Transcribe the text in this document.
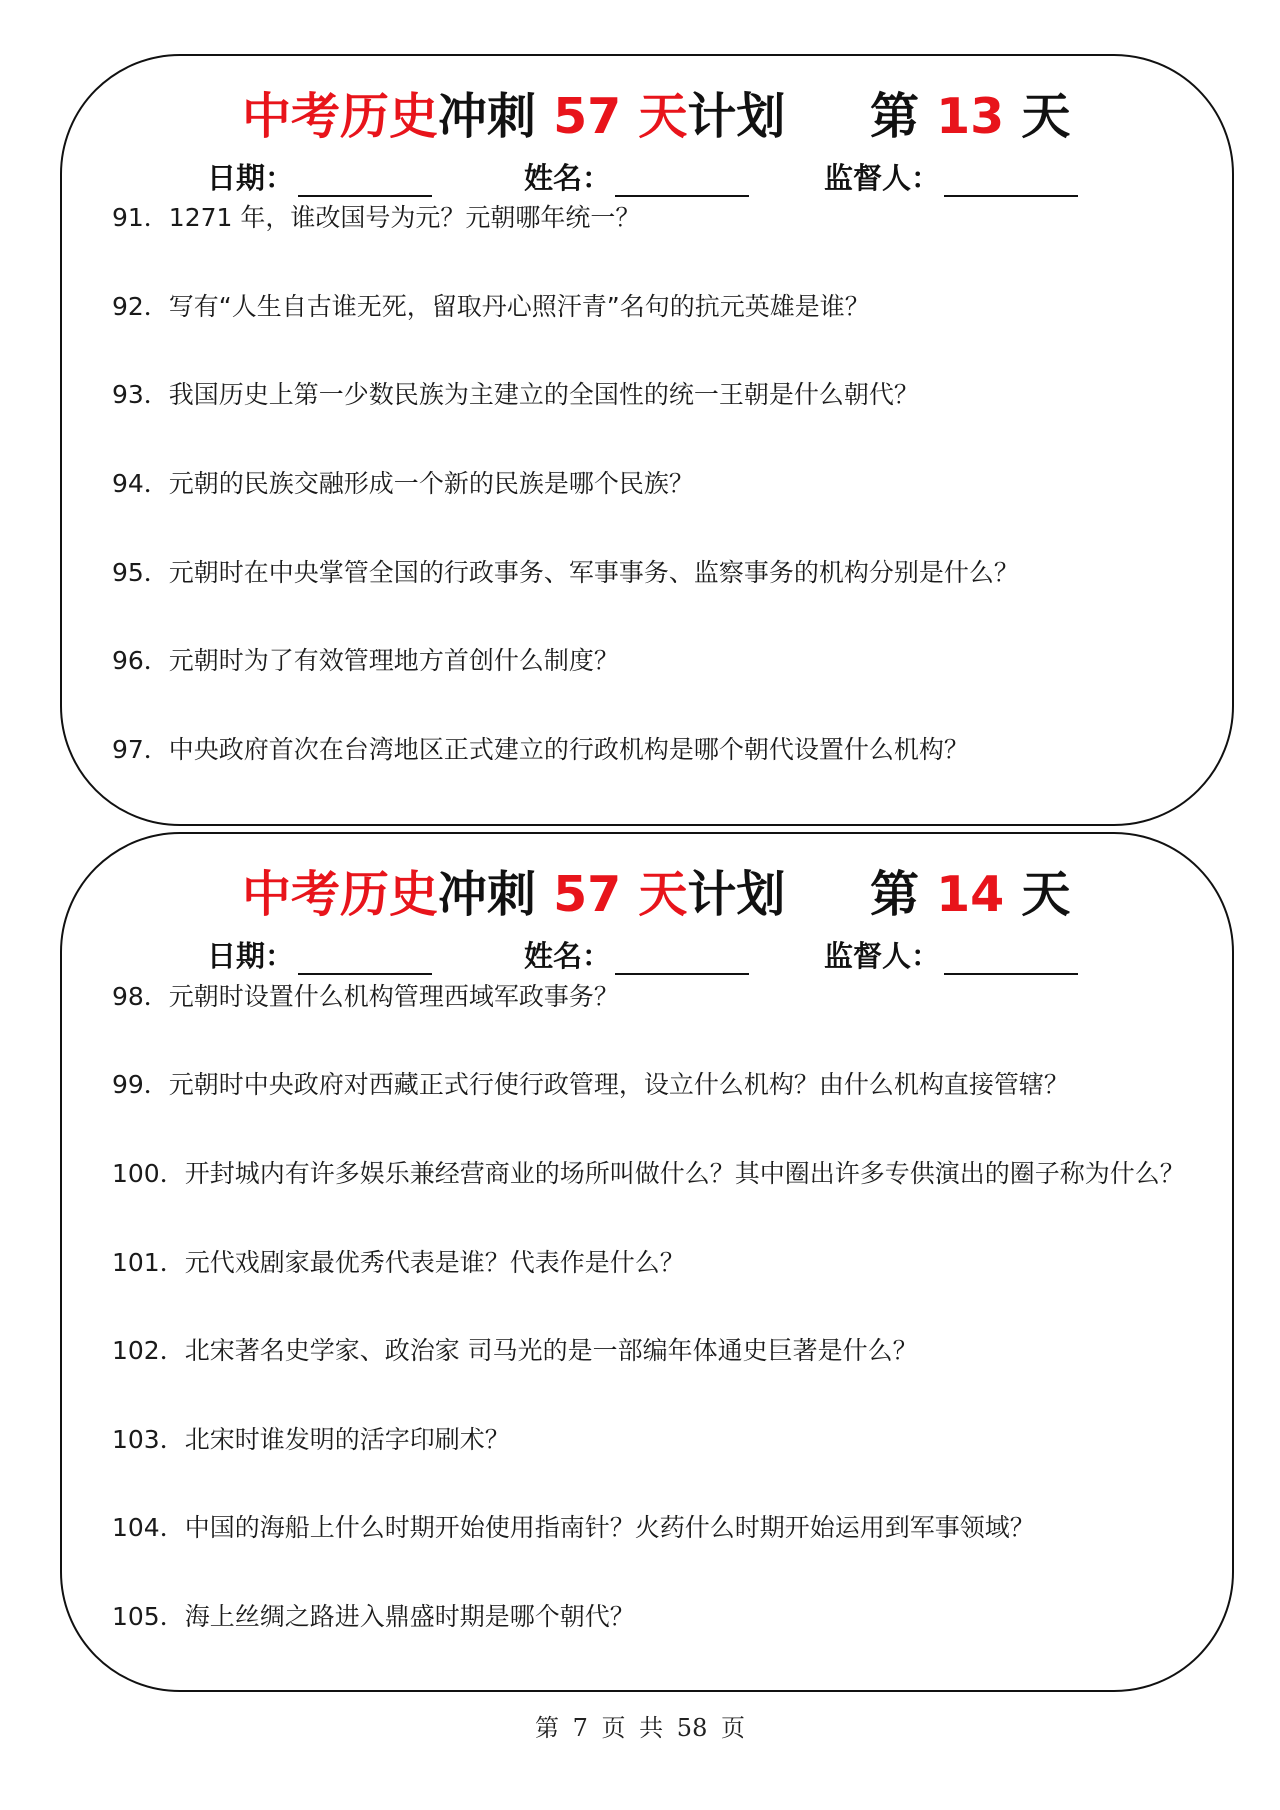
中考历史冲刺 57 天计划 第 13 天
日期：	姓名：	监督人：
91．1271 年，谁改国号为元？元朝哪年统一？
92．写有“人生自古谁无死，留取丹心照汗青”名句的抗元英雄是谁？
93．我国历史上第一少数民族为主建立的全国性的统一王朝是什么朝代？
94．元朝的民族交融形成一个新的民族是哪个民族？
95．元朝时在中央掌管全国的行政事务、军事事务、监察事务的机构分别是什么？
96．元朝时为了有效管理地方首创什么制度？
97．中央政府首次在台湾地区正式建立的行政机构是哪个朝代设置什么机构？
中考历史冲刺 57 天计划 第 14 天
日期：	姓名：	监督人：
98．元朝时设置什么机构管理西域军政事务？
99．元朝时中央政府对西藏正式行使行政管理，设立什么机构？由什么机构直接管辖？
100．开封城内有许多娱乐兼经营商业的场所叫做什么？其中圈出许多专供演出的圈子称为什么？
101．元代戏剧家最优秀代表是谁？代表作是什么？
102．北宋著名史学家、政治家 司马光的是一部编年体通史巨著是什么？
103．北宋时谁发明的活字印刷术？
104．中国的海船上什么时期开始使用指南针？火药什么时期开始运用到军事领域？
105．海上丝绸之路进入鼎盛时期是哪个朝代？
第 7 页 共 58 页
